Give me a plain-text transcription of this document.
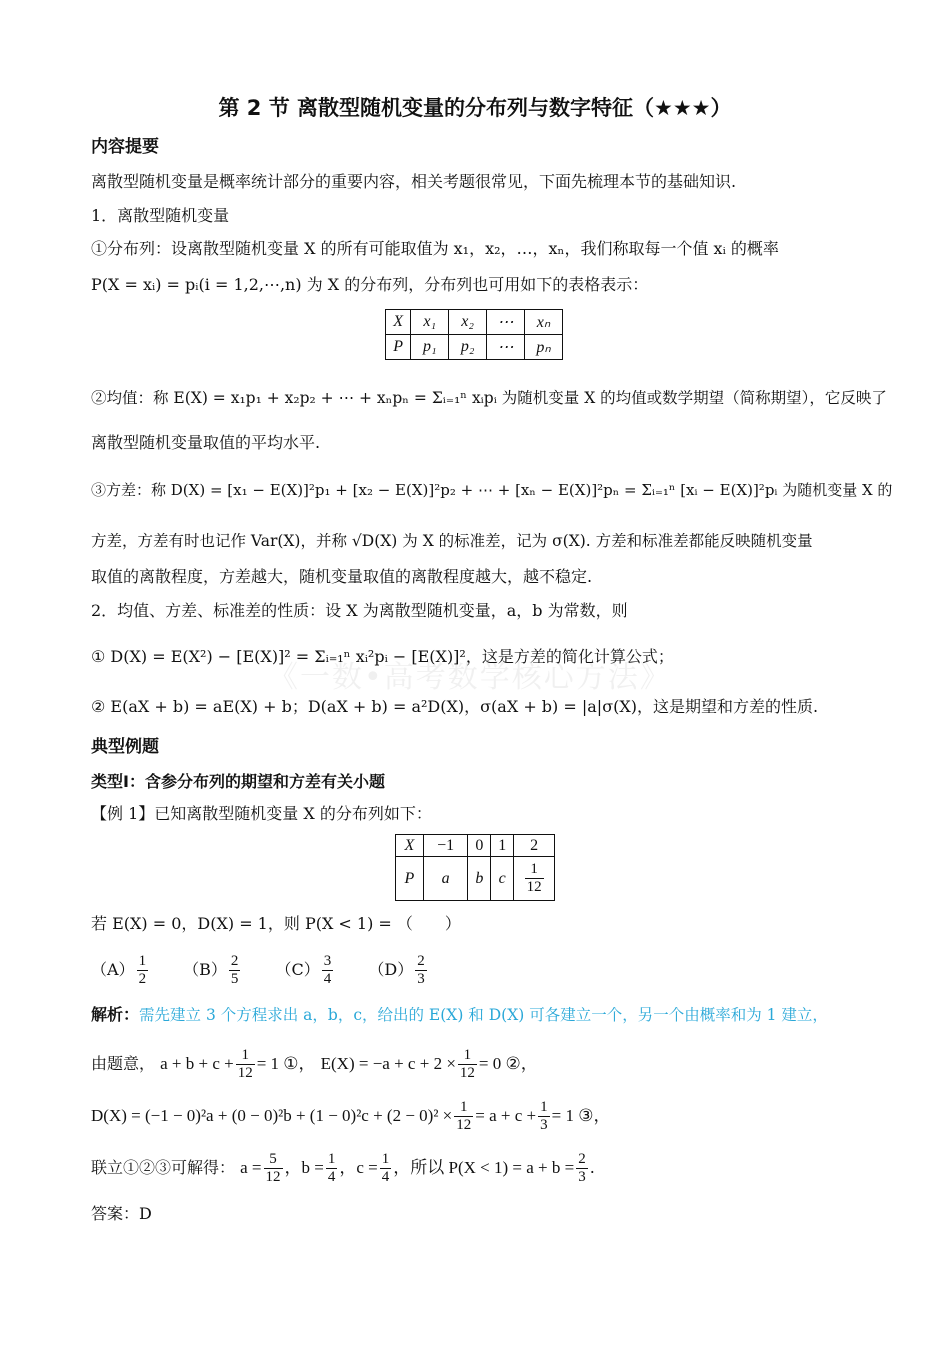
《一数•高考数学核心方法》
第 2 节 离散型随机变量的分布列与数字特征（★★★）
内容提要
离散型随机变量是概率统计部分的重要内容，相关考题很常见，下面先梳理本节的基础知识.
1．离散型随机变量
①分布列：设离散型随机变量 X 的所有可能取值为 x₁，x₂，…，xₙ，我们称取每一个值 xᵢ 的概率
P(X = xᵢ) = pᵢ(i = 1,2,⋯,n) 为 X 的分布列，分布列也可用如下的表格表示：
X	x₁	x₂	⋯	xₙ
P	p₁	p₂	⋯	pₙ
②均值：称 E(X) = x₁p₁ + x₂p₂ + ⋯ + xₙpₙ = Σᵢ₌₁ⁿ xᵢpᵢ 为随机变量 X 的均值或数学期望（简称期望），它反映了
离散型随机变量取值的平均水平.
③方差：称 D(X) = [x₁ − E(X)]²p₁ + [x₂ − E(X)]²p₂ + ⋯ + [xₙ − E(X)]²pₙ = Σᵢ₌₁ⁿ [xᵢ − E(X)]²pᵢ 为随机变量 X 的
方差，方差有时也记作 Var(X)，并称 √D(X) 为 X 的标准差，记为 σ(X). 方差和标准差都能反映随机变量
取值的离散程度，方差越大，随机变量取值的离散程度越大，越不稳定.
2．均值、方差、标准差的性质：设 X 为离散型随机变量，a，b 为常数，则
① D(X) = E(X²) − [E(X)]² = Σᵢ₌₁ⁿ xᵢ²pᵢ − [E(X)]²，这是方差的简化计算公式；
② E(aX + b) = aE(X) + b；D(aX + b) = a²D(X)，σ(aX + b) = |a|σ(X)，这是期望和方差的性质.
典型例题
类型Ⅰ：含参分布列的期望和方差有关小题
【例 1】已知离散型随机变量 X 的分布列如下：
X	−1	0	1	2
P	a	b	c	$\frac{1}{12}$
若 E(X) = 0，D(X) = 1，则 P(X < 1) = （　　）
$(A) \frac{1}{2} (B) \frac{2}{5} (C) \frac{3}{4} (D) \frac{2}{3}$
解析：需先建立 3 个方程求出 a，b，c，给出的 E(X) 和 D(X) 可各建立一个，另一个由概率和为 1 建立，
由题意， $a + b + c + \frac{1}{12} = 1$ ①， $E(X) = -a + c + 2 \times \frac{1}{12} = 0$ ②，
$D(X) = (-1 - 0)^2a + (0 - 0)^2b + (1 - 0)^2c + (2 - 0)^2 \times \frac{1}{12} = a + c + \frac{1}{3} = 1$ ③，
联立①②③可解得： $a = \frac{5}{12}$ ，$b = \frac{1}{4}$ ，$c = \frac{1}{4}$ ，所以 $P(X < 1) = a + b = \frac{2}{3}$ .
答案：D
